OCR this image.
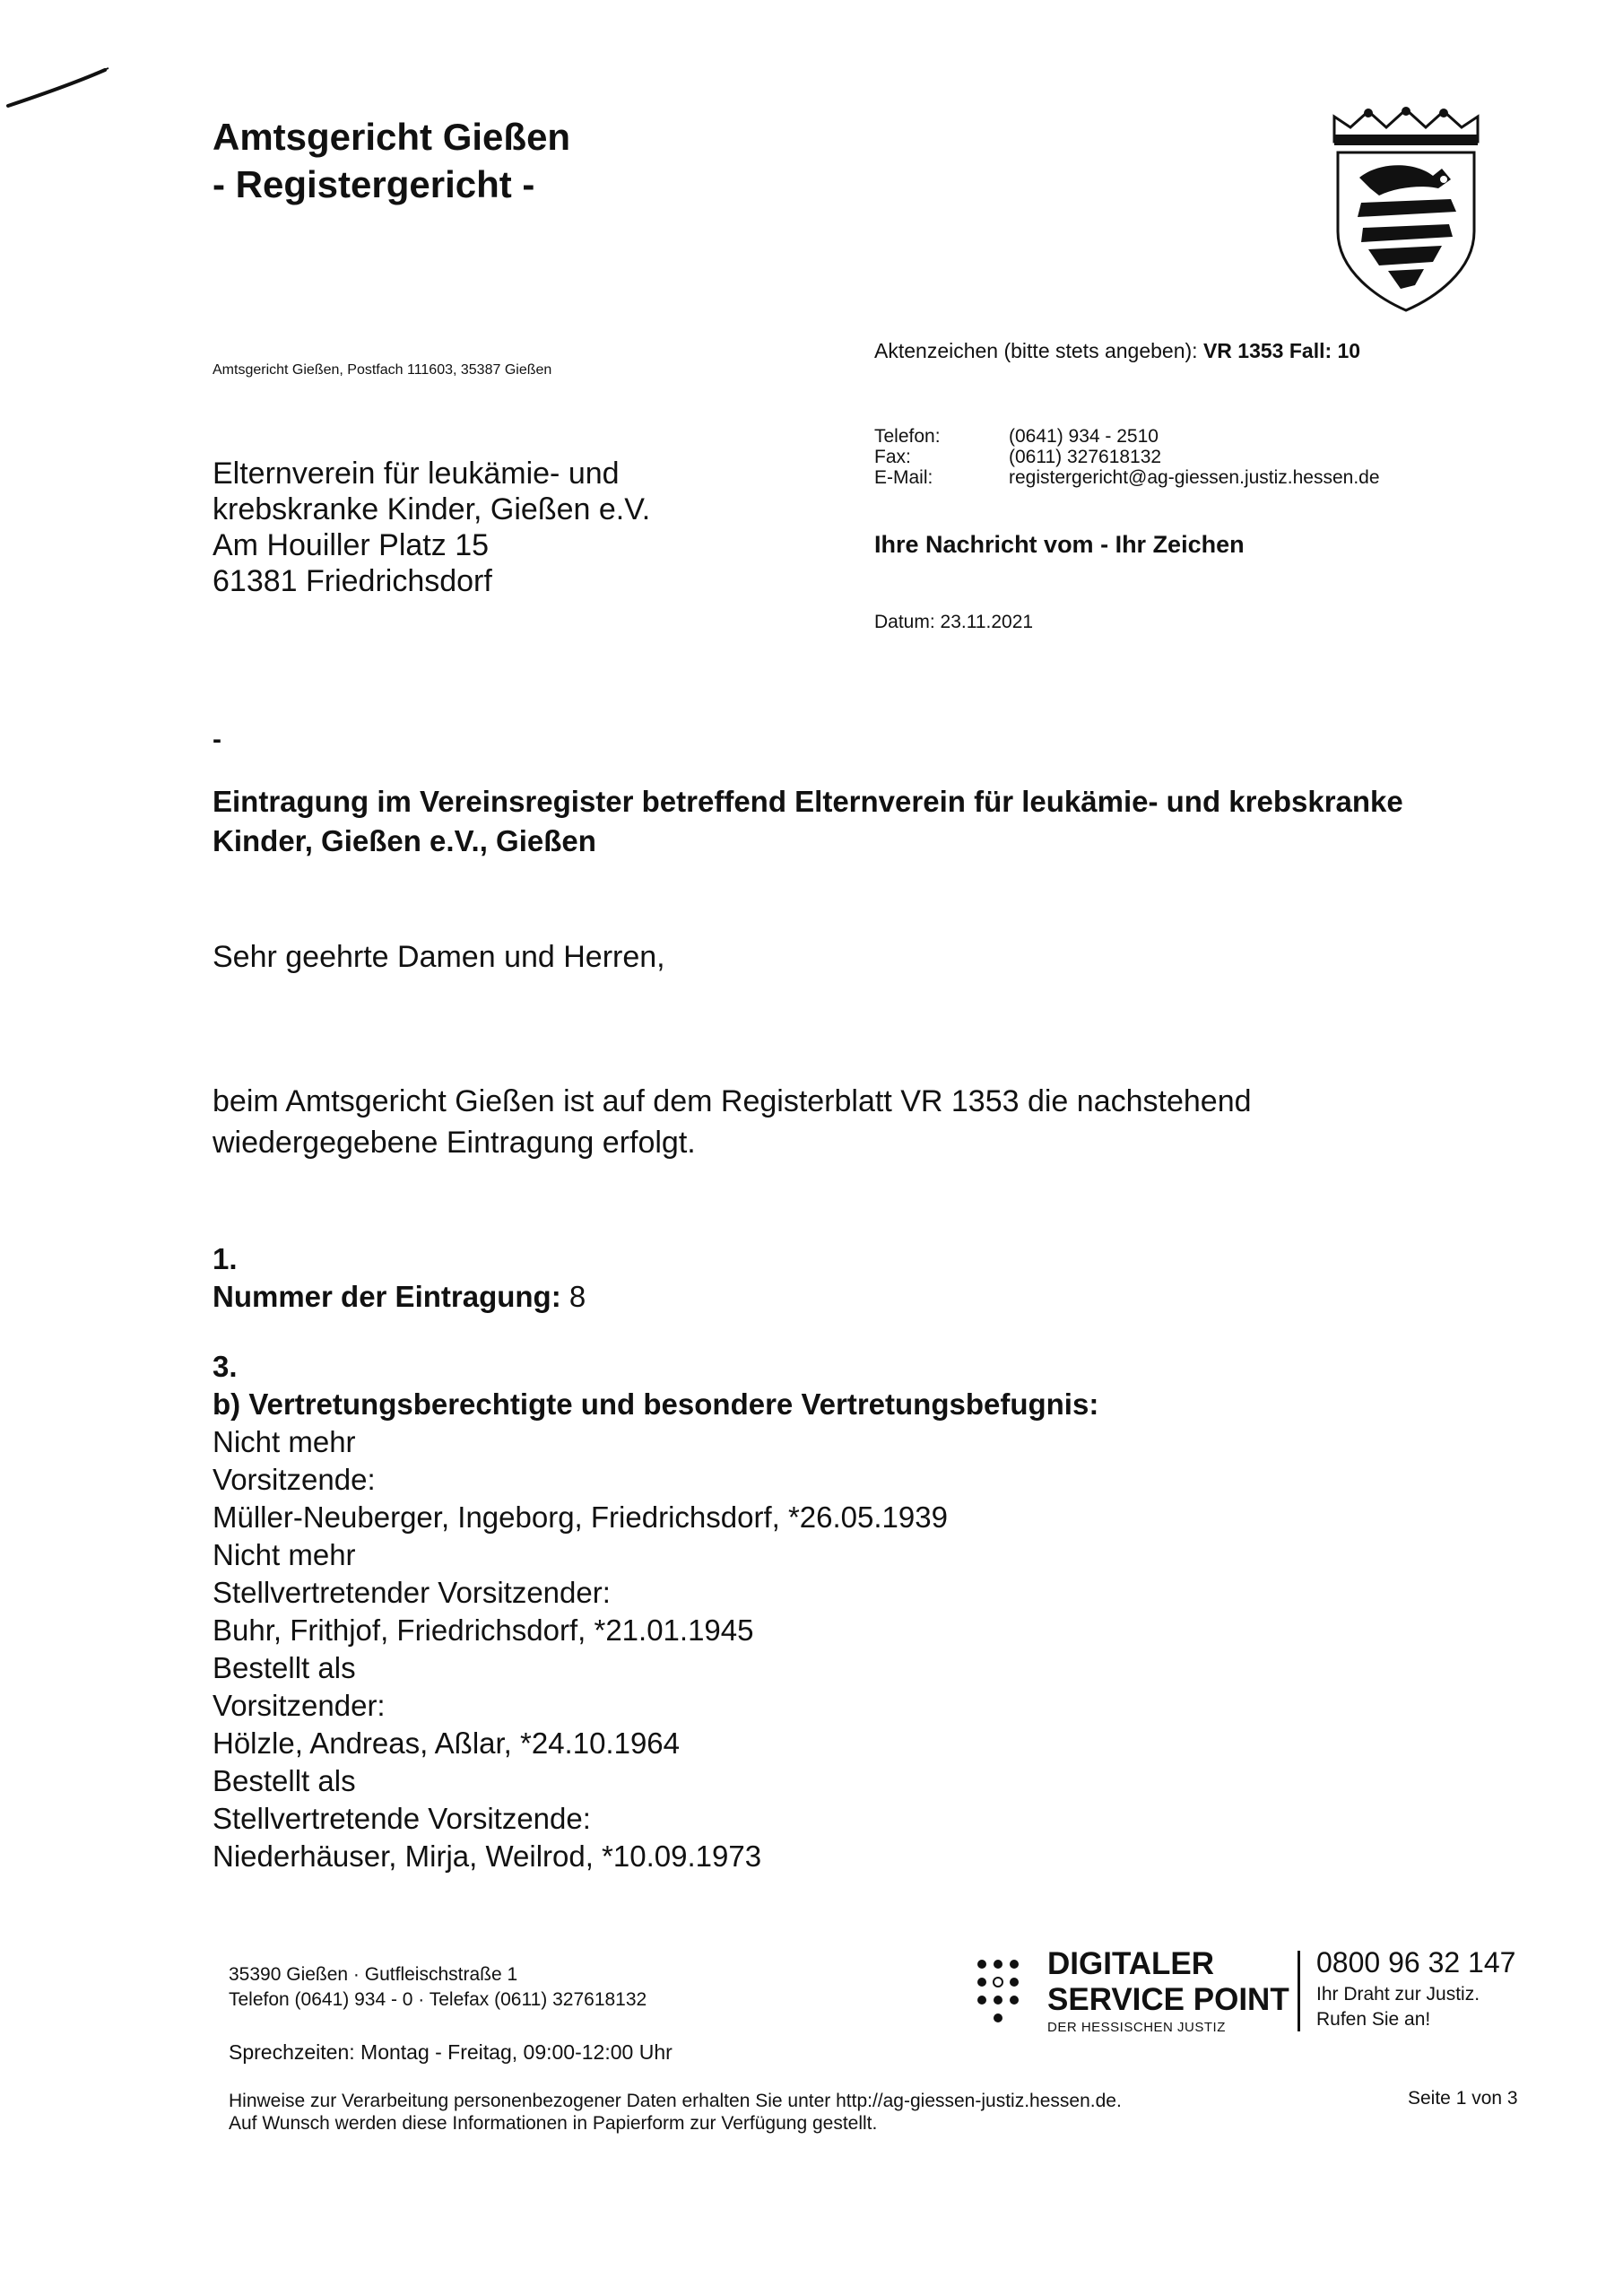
Amtsgericht Gießen
- Registergericht -
Amtsgericht Gießen, Postfach 111603, 35387 Gießen
Aktenzeichen (bitte stets angeben): VR 1353 Fall: 10
Telefon:	(0641) 934 - 2510
Fax:	(0611) 327618132
E-Mail:	registergericht@ag-giessen.justiz.hessen.de
Elternverein für leukämie- und
krebskranke Kinder, Gießen e.V.
Am Houiller Platz 15
61381 Friedrichsdorf
Ihre Nachricht vom - Ihr Zeichen
Datum: 23.11.2021
-
Eintragung im Vereinsregister betreffend Elternverein für leukämie- und krebskranke
Kinder, Gießen e.V., Gießen
Sehr geehrte Damen und Herren,
beim Amtsgericht Gießen ist auf dem Registerblatt VR 1353 die nachstehend
wiedergegebene Eintragung erfolgt.
1.
Nummer der Eintragung: 8
3.
b) Vertretungsberechtigte und besondere Vertretungsbefugnis:
Nicht mehr
Vorsitzende:
Müller-Neuberger, Ingeborg, Friedrichsdorf, *26.05.1939
Nicht mehr
Stellvertretender Vorsitzender:
Buhr, Frithjof, Friedrichsdorf, *21.01.1945
Bestellt als
Vorsitzender:
Hölzle, Andreas, Aßlar, *24.10.1964
Bestellt als
Stellvertretende Vorsitzende:
Niederhäuser, Mirja, Weilrod, *10.09.1973
35390 Gießen · Gutfleischstraße 1
Telefon (0641) 934 - 0 · Telefax (0611) 327618132
Sprechzeiten: Montag - Freitag, 09:00-12:00 Uhr
DIGITALER
SERVICE POINT
DER HESSISCHEN JUSTIZ
0800 96 32 147
Ihr Draht zur Justiz.
Rufen Sie an!
Hinweise zur Verarbeitung personenbezogener Daten erhalten Sie unter http://ag-giessen-justiz.hessen.de.
Auf Wunsch werden diese Informationen in Papierform zur Verfügung gestellt.
Seite 1 von 3
